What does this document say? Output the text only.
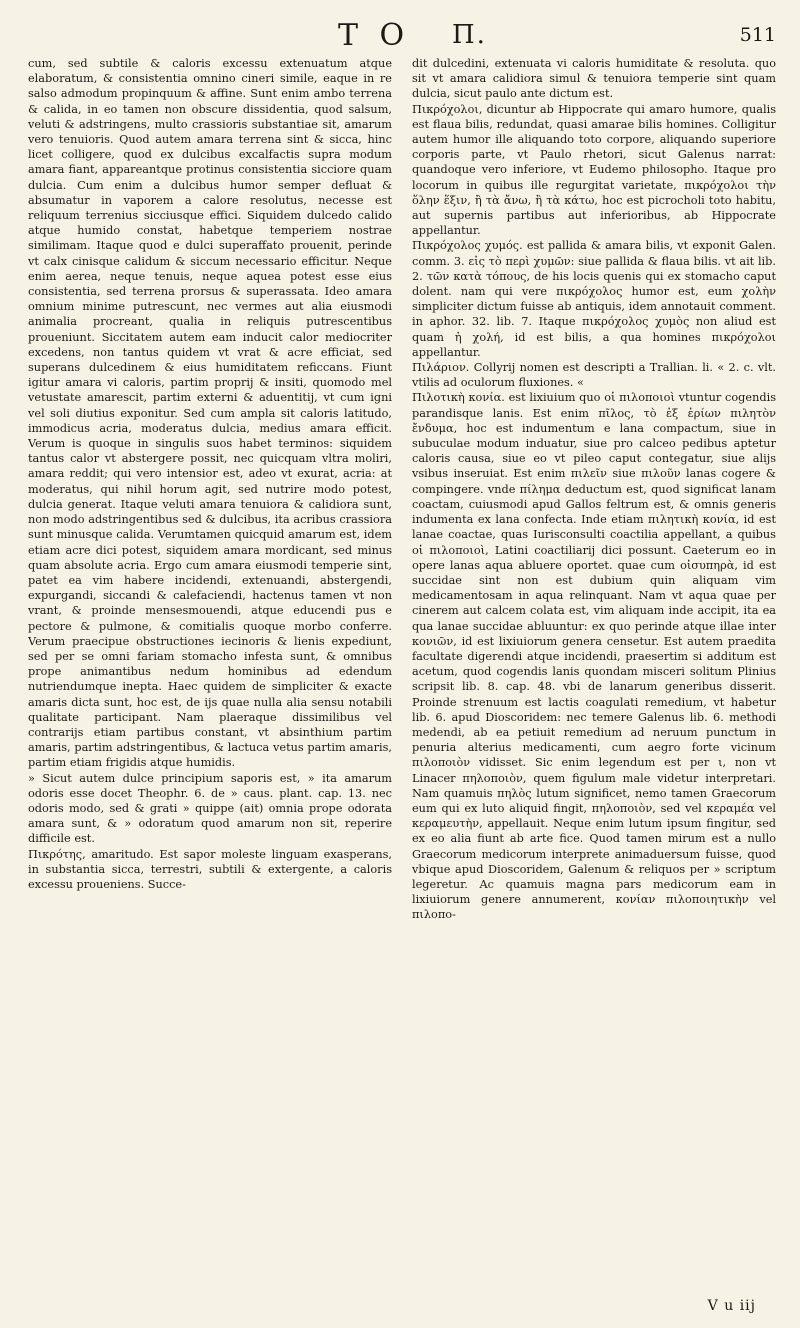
T O Π.	511

cum, sed subtile & caloris excessu extenuatum atque elaboratum, & consistentia omnino cineri simile, eaque in re salso admodum propinquum & affine. Sunt enim ambo terrena & calida, in eo tamen non obscure dissidentia, quod salsum, veluti & adstringens, multo crassioris substantiae sit, amarum vero tenuioris. Quod autem amara terrena sint & sicca, hinc licet colligere, quod ex dulcibus excalfactis supra modum amara fiant, appareantque protinus consistentia sicciore quam dulcia. Cum enim a dulcibus humor semper defluat & absumatur in vaporem a calore resolutus, necesse est reliquum terrenius sicciusque effici. Siquidem dulcedo calido atque humido constat, habetque temperiem nostrae similimam. Itaque quod e dulci superaffato prouenit, perinde vt calx cinisque calidum & siccum necessario efficitur. Neque enim aerea, neque tenuis, neque aquea potest esse eius consistentia, sed terrena prorsus & superassata. Ideo amara omnium minime putrescunt, nec vermes aut alia eiusmodi animalia procreant, qualia in reliquis putrescentibus proueniunt. Siccitatem autem eam inducit calor mediocriter excedens, non tantus quidem vt vrat & acre efficiat, sed superans dulcedinem & eius humiditatem reficcans. Fiunt igitur amara vi caloris, partim proprij & insiti, quomodo mel vetustate amarescit, partim externi & aduentitij, vt cum igni vel soli diutius exponitur. Sed cum ampla sit caloris latitudo, immodicus acria, moderatus dulcia, medius amara efficit. Verum is quoque in singulis suos habet terminos: siquidem tantus calor vt abstergere possit, nec quicquam vltra moliri, amara reddit; qui vero intensior est, adeo vt exurat, acria: at moderatus, qui nihil horum agit, sed nutrire modo potest, dulcia generat. Itaque veluti amara tenuiora & calidiora sunt, non modo adstringentibus sed & dulcibus, ita acribus crassiora sunt minusque calida. Verumtamen quicquid amarum est, idem etiam acre dici potest, siquidem amara mordicant, sed minus quam absolute acria. Ergo cum amara eiusmodi temperie sint, patet ea vim habere incidendi, extenuandi, abstergendi, expurgandi, siccandi & calefaciendi, hactenus tamen vt non vrant, & proinde mensesmouendi, atque educendi pus e pectore & pulmone, & comitialis quoque morbo conferre. Verum praecipue obstructiones iecinoris & lienis expediunt, sed per se omni fariam stomacho infesta sunt, & omnibus prope animantibus nedum hominibus ad edendum nutriendumque inepta. Haec quidem de simpliciter & exacte amaris dicta sunt, hoc est, de ijs quae nulla alia sensu notabili qualitate participant. Nam plaeraque dissimilibus vel contrarijs etiam partibus constant, vt absinthium partim amaris, partim adstringentibus, & lactuca vetus partim amaris, partim etiam frigidis atque humidis.

» Sicut autem dulce principium saporis est, » ita amarum odoris esse docet Theophr. 6. de » caus. plant. cap. 13. nec odoris modo, sed & grati » quippe (ait) omnia prope odorata amara sunt, & » odoratum quod amarum non sit, reperire difficile est.

Πικρότης, amaritudo. Est sapor moleste linguam exasperans, in substantia sicca, terrestri, subtili & extergente, a caloris excessu proueniens. Succe-

dit dulcedini, extenuata vi caloris humiditate & resoluta. quo sit vt amara calidiora simul & tenuiora temperie sint quam dulcia, sicut paulo ante dictum est.

Πικρόχολοι, dicuntur ab Hippocrate qui amaro humore, qualis est flaua bilis, redundat, quasi amarae bilis homines. Colligitur autem humor ille aliquando toto corpore, aliquando superiore corporis parte, vt Paulo rhetori, sicut Galenus narrat: quandoque vero inferiore, vt Eudemo philosopho. Itaque pro locorum in quibus ille regurgitat varietate, πικρόχολοι τὴν ὅλην ἕξιν, ἢ τὰ ἄνω, ἢ τὰ κάτω, hoc est picrocholi toto habitu, aut supernis partibus aut inferioribus, ab Hippocrate appellantur.

Πικρόχολος χυμός. est pallida & amara bilis, vt exponit Galen. comm. 3. εἰς τὸ περὶ χυμῶν: siue pallida & flaua bilis. vt ait lib. 2. τῶν κατὰ τόπους, de his locis quenis qui ex stomacho caput dolent. nam qui vere πικρόχολος humor est, eum χολὴν simpliciter dictum fuisse ab antiquis, idem annotauit comment. in aphor. 32. lib. 7. Itaque πικρόχολος χυμὸς non aliud est quam ἡ χολή, id est bilis, a qua homines πικρόχολοι appellantur.

Πιλάριον. Collyrij nomen est descripti a Trallian. li. « 2. c. vlt. vtilis ad oculorum fluxiones. «

Πιλοτικὴ κονία. est lixiuium quo οἱ πιλοποιοὶ vtuntur cogendis parandisque lanis. Est enim πῖλος, τὸ ἐξ ἐρίων πιλητὸν ἔνδυμα, hoc est indumentum e lana compactum, siue in subuculae modum induatur, siue pro calceo pedibus aptetur caloris causa, siue eo vt pileo caput contegatur, siue alijs vsibus inseruiat. Est enim πιλεῖν siue πιλοῦν lanas cogere & compingere. vnde πίλημα deductum est, quod significat lanam coactam, cuiusmodi apud Gallos feltrum est, & omnis generis indumenta ex lana confecta. Inde etiam πιλητικὴ κονία, id est lanae coactae, quas Iurisconsulti coactilia appellant, a quibus οἱ πιλοποιοὶ, Latini coactiliarij dici possunt. Caeterum eo in opere lanas aqua abluere oportet. quae cum οἰσυπηρὰ, id est succidae sint non est dubium quin aliquam vim medicamentosam in aqua relinquant. Nam vt aqua quae per cinerem aut calcem colata est, vim aliquam inde accipit, ita ea qua lanae succidae abluuntur: ex quo perinde atque illae inter κονιῶν, id est lixiuiorum genera censetur. Est autem praedita facultate digerendi atque incidendi, praesertim si additum est acetum, quod cogendis lanis quondam misceri solitum Plinius scripsit lib. 8. cap. 48. vbi de lanarum generibus disserit. Proinde strenuum est lactis coagulati remedium, vt habetur lib. 6. apud Dioscoridem: nec temere Galenus lib. 6. methodi medendi, ab ea petiuit remedium ad neruum punctum in penuria alterius medicamenti, cum aegro forte vicinum πιλοποιὸν vidisset. Sic enim legendum est per ι, non vt Linacer πηλοποιὸν, quem figulum male videtur interpretari. Nam quamuis πηλὸς lutum significet, nemo tamen Graecorum eum qui ex luto aliquid fingit, πηλοποιὸν, sed vel κεραμέα vel κεραμευτὴν, appellauit. Neque enim lutum ipsum fingitur, sed ex eo alia fiunt ab arte fice. Quod tamen mirum est a nullo Graecorum medicorum interprete animaduersum fuisse, quod vbique apud Dioscoridem, Galenum & reliquos per » scriptum legeretur. Ac quamuis magna pars medicorum eam in lixiuiorum genere annumerent, κονίαν πιλοποιητικὴν vel πιλοπο-

V u iij
